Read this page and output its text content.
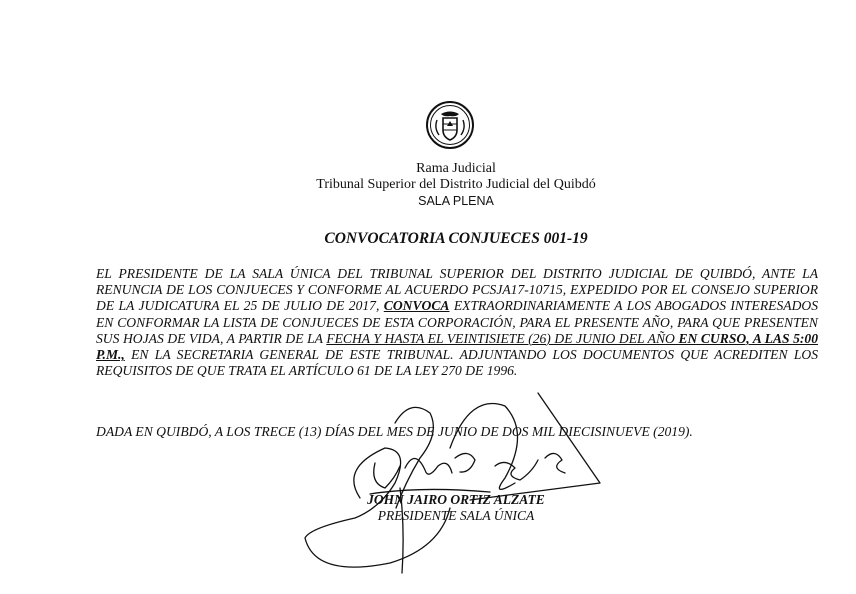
Rama Judicial
Tribunal Superior del Distrito Judicial del Quibdó
SALA PLENA
CONVOCATORIA CONJUECES 001-19
EL PRESIDENTE DE LA SALA ÚNICA DEL TRIBUNAL SUPERIOR DEL DISTRITO JUDICIAL DE QUIBDÓ, ANTE LA RENUNCIA DE LOS CONJUECES Y CONFORME AL ACUERDO PCSJA17-10715, EXPEDIDO POR EL CONSEJO SUPERIOR DE LA JUDICATURA EL 25 DE JULIO DE 2017, CONVOCA EXTRAORDINARIAMENTE A LOS ABOGADOS INTERESADOS EN CONFORMAR LA LISTA DE CONJUECES DE ESTA CORPORACIÓN, PARA EL PRESENTE AÑO, PARA QUE PRESENTEN SUS HOJAS DE VIDA, A PARTIR DE LA FECHA Y HASTA EL VEINTISIETE (26) DE JUNIO DEL AÑO EN CURSO, A LAS 5:00 P.M., EN LA SECRETARIA GENERAL DE ESTE TRIBUNAL. ADJUNTANDO LOS DOCUMENTOS QUE ACREDITEN LOS REQUISITOS DE QUE TRATA EL ARTÍCULO 61 DE LA LEY 270 DE 1996.
DADA EN QUIBDÓ, A LOS TRECE (13) DÍAS DEL MES DE JUNIO DE DOS MIL DIECISINUEVE (2019).
JOHN JAIRO ORTIZ ALZATE
PRESIDENTE SALA ÚNICA
